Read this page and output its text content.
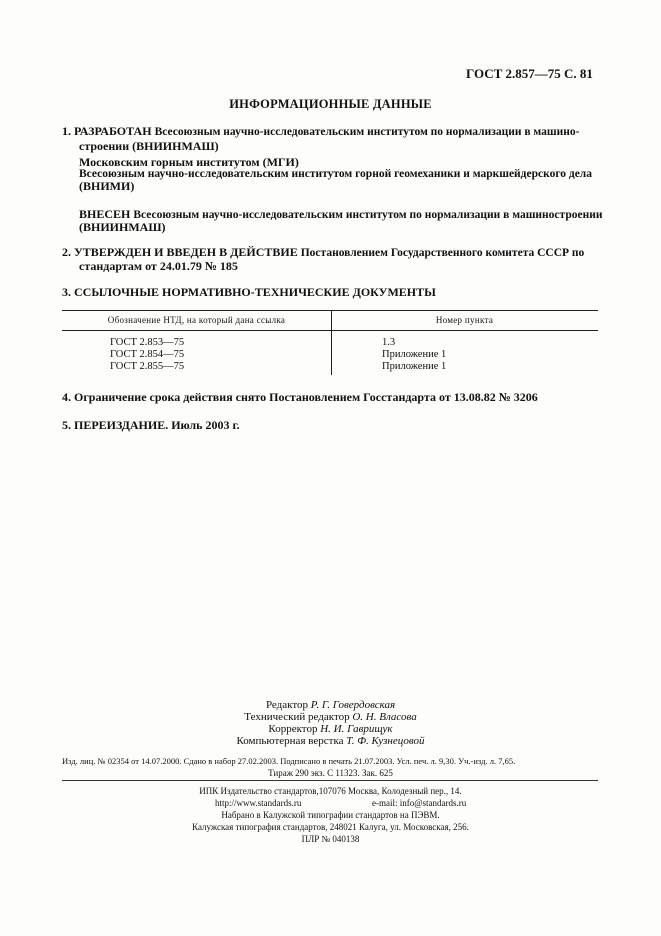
ГОСТ 2.857—75 С. 81
ИНФОРМАЦИОННЫЕ ДАННЫЕ
1. РАЗРАБОТАН Всесоюзным научно-исследовательским институтом по нормализации в машино-
строении (ВНИИНМАШ)
Московским горным институтом (МГИ)
Всесоюзным научно-исследовательским институтом горной геомеханики и маркшейдерского дела
(ВНИМИ)
ВНЕСЕН Всесоюзным научно-исследовательским институтом по нормализации в машиностроении
(ВНИИНМАШ)
2. УТВЕРЖДЕН И ВВЕДЕН В ДЕЙСТВИЕ Постановлением Государственного комитета СССР по
стандартам от 24.01.79 № 185
3. ССЫЛОЧНЫЕ НОРМАТИВНО-ТЕХНИЧЕСКИЕ ДОКУМЕНТЫ
Обозначение НТД, на который дана ссылка	Номер пункта
ГОСТ 2.853—75	1.3
ГОСТ 2.854—75	Приложение 1
ГОСТ 2.855—75	Приложение 1
4. Ограничение срока действия снято Постановлением Госстандарта от 13.08.82 № 3206
5. ПЕРЕИЗДАНИЕ. Июль 2003 г.
Редактор Р. Г. Говердовская
Технический редактор О. Н. Власова
Корректор Н. И. Гаврищук
Компьютерная верстка Т. Ф. Кузнецовой
Изд. лиц. № 02354 от 14.07.2000. Сдано в набор 27.02.2003. Подписано в печать 21.07.2003. Усл. печ. л. 9,30. Уч.-изд. л. 7,65.
Тираж 290 экз. С 11323. Зак. 625
ИПК Издательство стандартов,107076 Москва, Колодезный пер., 14.
http://www.standards.ru	e-mail: info@standards.ru
Набрано в Калужской типографии стандартов на ПЭВМ.
Калужская типография стандартов, 248021 Калуга, ул. Московская, 256.
ПЛР № 040138
